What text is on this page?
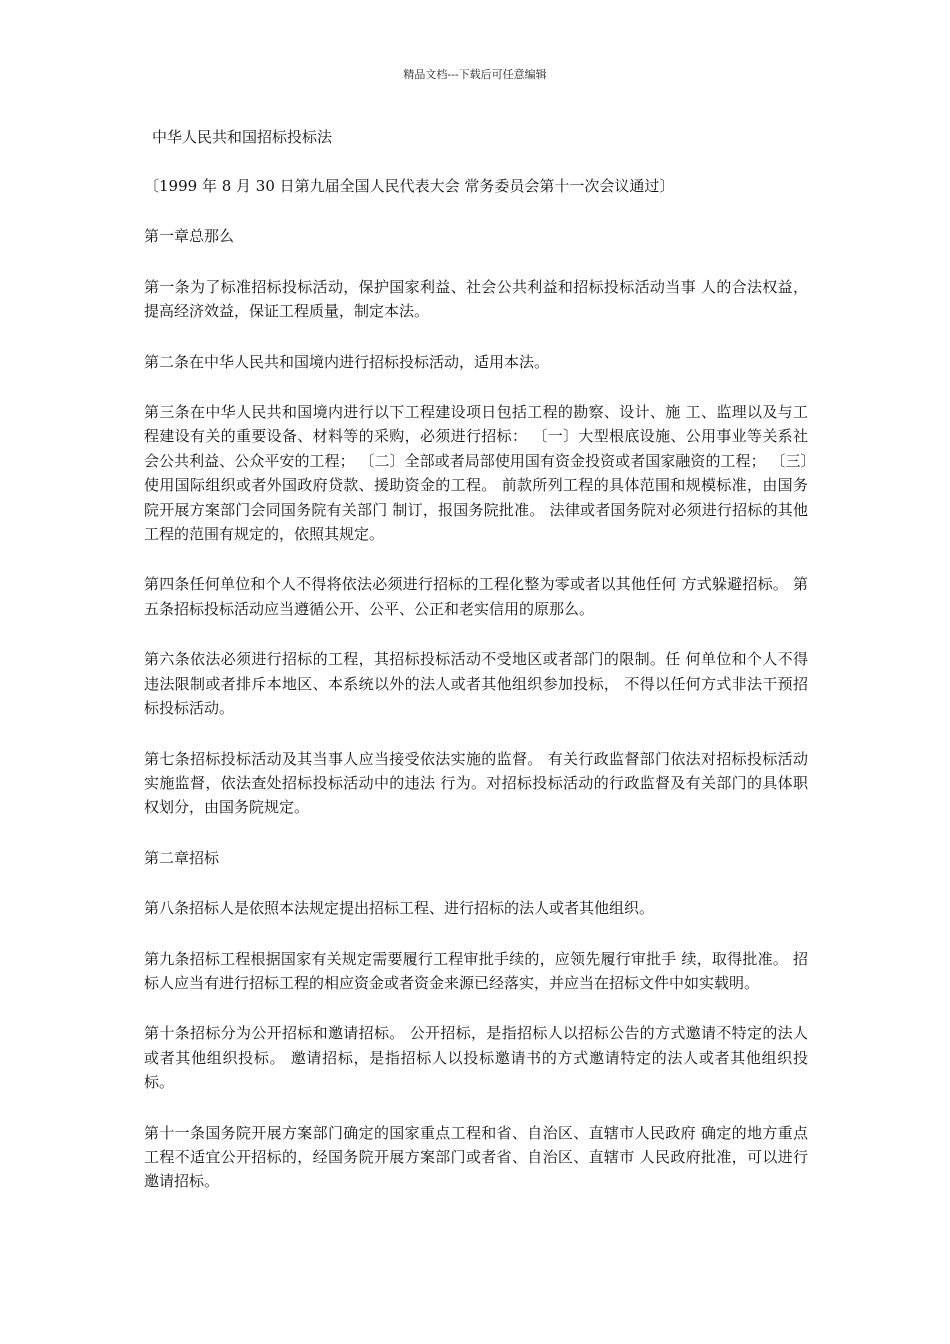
精品文档---下载后可任意编辑
中华人民共和国招标投标法

〔1999 年 8 月 30 日第九届全国人民代表大会 常务委员会第十一次会议通过〕

第一章总那么

第一条为了标准招标投标活动，保护国家利益、社会公共利益和招标投标活动当事 人的合法权益，提高经济效益，保证工程质量，制定本法。

第二条在中华人民共和国境内进行招标投标活动，适用本法。

第三条在中华人民共和国境内进行以下工程建设项日包括工程的勘察、设计、施 工、监理以及与工程建设有关的重要设备、材料等的采购，必须进行招标： 〔一〕大型根底设施、公用事业等关系社会公共利益、公众平安的工程； 〔二〕全部或者局部使用国有资金投资或者国家融资的工程； 〔三〕使用国际组织或者外国政府贷款、援助资金的工程。 前款所列工程的具体范围和规模标准，由国务院开展方案部门会同国务院有关部门 制订，报国务院批准。 法律或者国务院对必须进行招标的其他工程的范围有规定的，依照其规定。

第四条任何单位和个人不得将依法必须进行招标的工程化整为零或者以其他任何 方式躲避招标。 第五条招标投标活动应当遵循公开、公平、公正和老实信用的原那么。

第六条依法必须进行招标的工程，其招标投标活动不受地区或者部门的限制。任 何单位和个人不得违法限制或者排斥本地区、本系统以外的法人或者其他组织参加投标， 不得以任何方式非法干预招标投标活动。

第七条招标投标活动及其当事人应当接受依法实施的监督。 有关行政监督部门依法对招标投标活动实施监督，依法查处招标投标活动中的违法 行为。对招标投标活动的行政监督及有关部门的具体职权划分，由国务院规定。

第二章招标

第八条招标人是依照本法规定提出招标工程、进行招标的法人或者其他组织。

第九条招标工程根据国家有关规定需要履行工程审批手续的，应领先履行审批手 续，取得批准。 招标人应当有进行招标工程的相应资金或者资金来源已经落实，并应当在招标文件中如实载明。

第十条招标分为公开招标和邀请招标。 公开招标，是指招标人以招标公告的方式邀请不特定的法人或者其他组织投标。 邀请招标，是指招标人以投标邀请书的方式邀请特定的法人或者其他组织投标。

第十一条国务院开展方案部门确定的国家重点工程和省、自治区、直辖市人民政府 确定的地方重点工程不适宜公开招标的，经国务院开展方案部门或者省、自治区、直辖市 人民政府批准，可以进行邀请招标。
